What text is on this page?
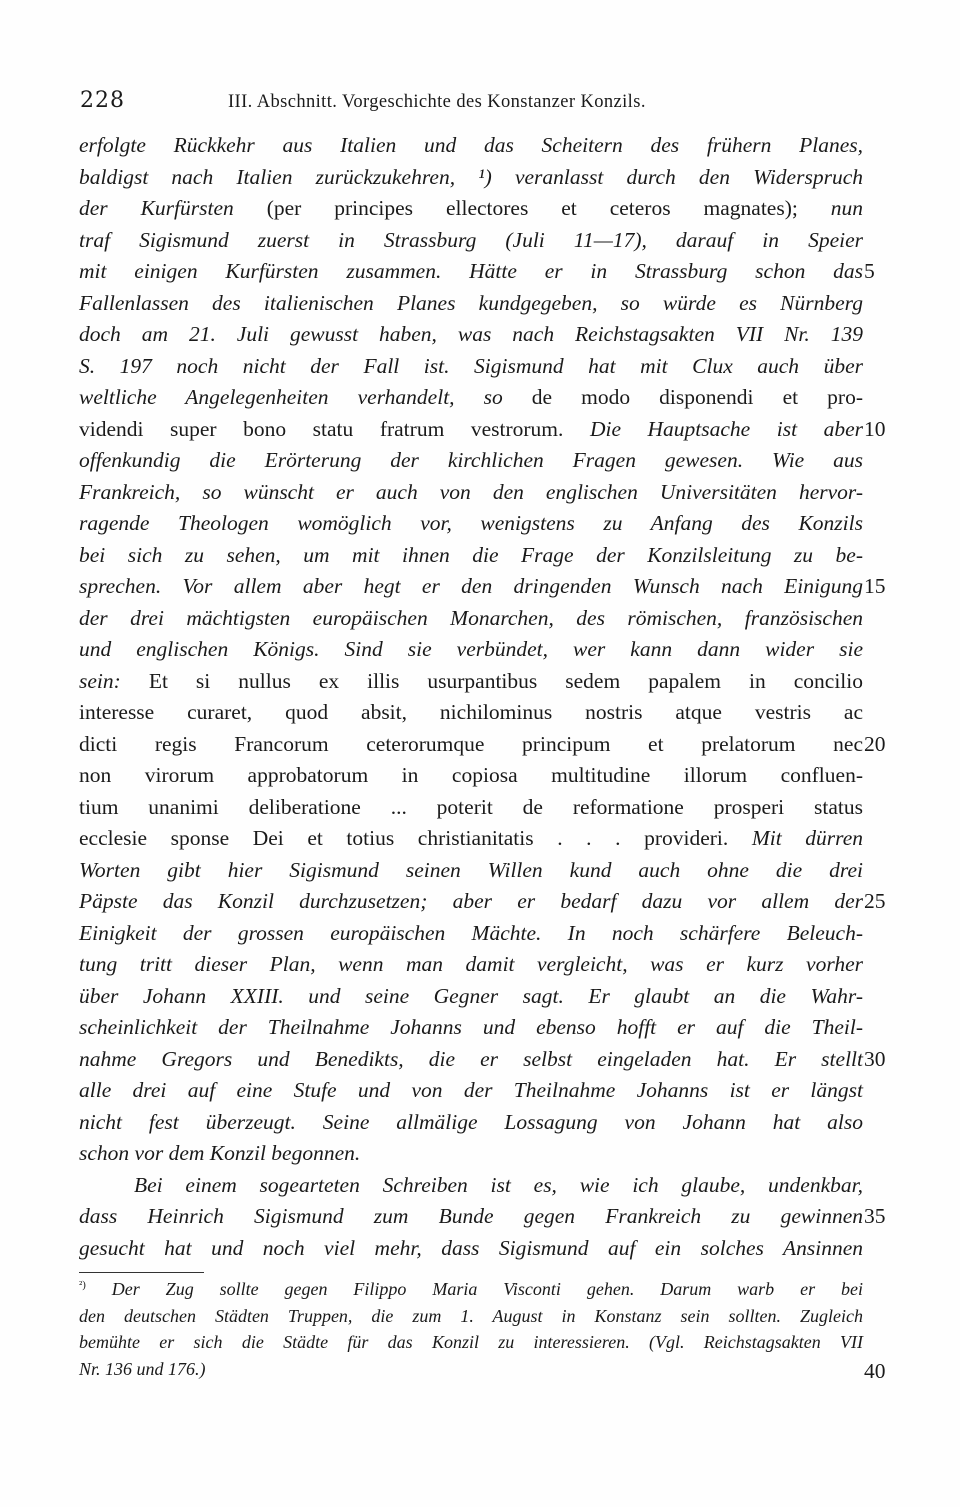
228	III. Abschnitt. Vorgeschichte des Konstanzer Konzils.
erfolgte Rückkehr aus Italien und das Scheitern des frühern Planes,
baldigst nach Italien zurückzukehren, ¹) veranlasst durch den Widerspruch
der Kurfürsten (per principes ellectores et ceteros magnates); nun
traf Sigismund zuerst in Strassburg (Juli 11—17), darauf in Speier
mit einigen Kurfürsten zusammen. Hätte er in Strassburg schon das
Fallenlassen des italienischen Planes kundgegeben, so würde es Nürnberg
doch am 21. Juli gewusst haben, was nach Reichstagsakten VII Nr. 139
S. 197 noch nicht der Fall ist. Sigismund hat mit Clux auch über
weltliche Angelegenheiten verhandelt, so de modo disponendi et pro-
videndi super bono statu fratrum vestrorum. Die Hauptsache ist aber
offenkundig die Erörterung der kirchlichen Fragen gewesen. Wie aus
Frankreich, so wünscht er auch von den englischen Universitäten hervor-
ragende Theologen womöglich vor, wenigstens zu Anfang des Konzils
bei sich zu sehen, um mit ihnen die Frage der Konzilsleitung zu be-
sprechen. Vor allem aber hegt er den dringenden Wunsch nach Einigung
der drei mächtigsten europäischen Monarchen, des römischen, französischen
und englischen Königs. Sind sie verbündet, wer kann dann wider sie
sein: Et si nullus ex illis usurpantibus sedem papalem in concilio
interesse curaret, quod absit, nichilominus nostris atque vestris ac
dicti regis Francorum ceterorumque principum et prelatorum nec
non virorum approbatorum in copiosa multitudine illorum confluen-
tium unanimi deliberatione ... poterit de reformatione prosperi status
ecclesie sponse Dei et totius christianitatis . . . provideri. Mit dürren
Worten gibt hier Sigismund seinen Willen kund auch ohne die drei
Päpste das Konzil durchzusetzen; aber er bedarf dazu vor allem der
Einigkeit der grossen europäischen Mächte. In noch schärfere Beleuch-
tung tritt dieser Plan, wenn man damit vergleicht, was er kurz vorher
über Johann XXIII. und seine Gegner sagt. Er glaubt an die Wahr-
scheinlichkeit der Theilnahme Johanns und ebenso hofft er auf die Theil-
nahme Gregors und Benedikts, die er selbst eingeladen hat. Er stellt
alle drei auf eine Stufe und von der Theilnahme Johanns ist er längst
nicht fest überzeugt. Seine allmälige Lossagung von Johann hat also
schon vor dem Konzil begonnen.
Bei einem sogearteten Schreiben ist es, wie ich glaube, undenkbar,
dass Heinrich Sigismund zum Bunde gegen Frankreich zu gewinnen
gesucht hat und noch viel mehr, dass Sigismund auf ein solches Ansinnen
5
10
15
20
25
30
35
$^{^2)}$ Der Zug sollte gegen Filippo Maria Visconti gehen. Darum warb er bei
den deutschen Städten Truppen, die zum 1. August in Konstanz sein sollten. Zugleich
bemühte er sich die Städte für das Konzil zu interessieren. (Vgl. Reichstagsakten VII
Nr. 136 und 176.)	40
